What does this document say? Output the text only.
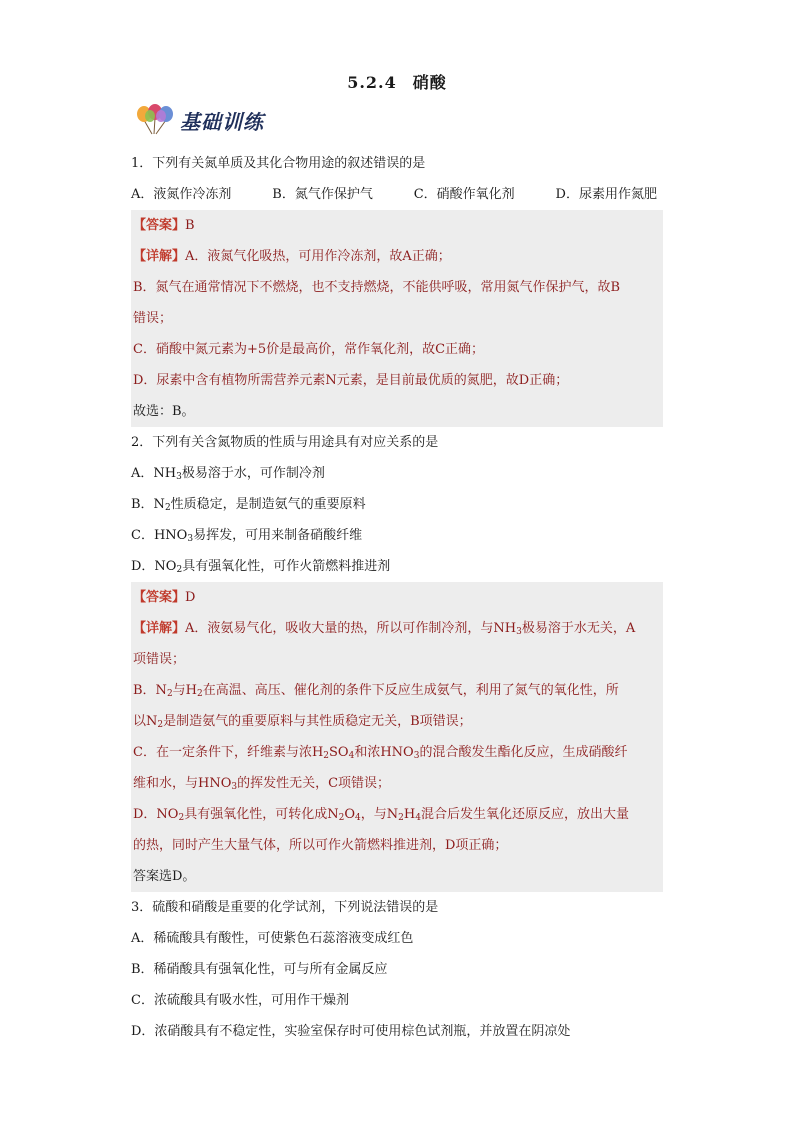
5.2.4 硝酸
基础训练
1．下列有关氮单质及其化合物用途的叙述错误的是
A．液氮作冷冻剂	B．氮气作保护气	C．硝酸作氧化剂	D．尿素用作氮肥
【答案】B
【详解】A．液氮气化吸热，可用作冷冻剂，故A正确；
B．氮气在通常情况下不燃烧，也不支持燃烧，不能供呼吸，常用氮气作保护气，故B
错误；
C．硝酸中氮元素为+5价是最高价，常作氧化剂，故C正确；
D．尿素中含有植物所需营养元素N元素，是目前最优质的氮肥，故D正确；
故选：B。
2．下列有关含氮物质的性质与用途具有对应关系的是
A．$NH_3$极易溶于水，可作制冷剂
B．$N_2$性质稳定，是制造氨气的重要原料
C．$HNO_3$易挥发，可用来制备硝酸纤维
D．$NO_2$具有强氧化性，可作火箭燃料推进剂
【答案】D
【详解】A．液氨易气化，吸收大量的热，所以可作制冷剂，与$NH_3$极易溶于水无关，A
项错误；
B．$N_2$与$H_2$在高温、高压、催化剂的条件下反应生成氨气，利用了氮气的氧化性，所
以$N_2$是制造氨气的重要原料与其性质稳定无关，B项错误；
C．在一定条件下，纤维素与浓$H_2SO_4$和浓$HNO_3$的混合酸发生酯化反应，生成硝酸纤
维和水，与$HNO_3$的挥发性无关，C项错误；
D．$NO_2$具有强氧化性，可转化成$N_2O_4$，与$N_2H_4$混合后发生氧化还原反应，放出大量
的热，同时产生大量气体，所以可作火箭燃料推进剂，D项正确；
答案选D。
3．硫酸和硝酸是重要的化学试剂，下列说法错误的是
A．稀硫酸具有酸性，可使紫色石蕊溶液变成红色
B．稀硝酸具有强氧化性，可与所有金属反应
C．浓硫酸具有吸水性，可用作干燥剂
D．浓硝酸具有不稳定性，实验室保存时可使用棕色试剂瓶，并放置在阴凉处
